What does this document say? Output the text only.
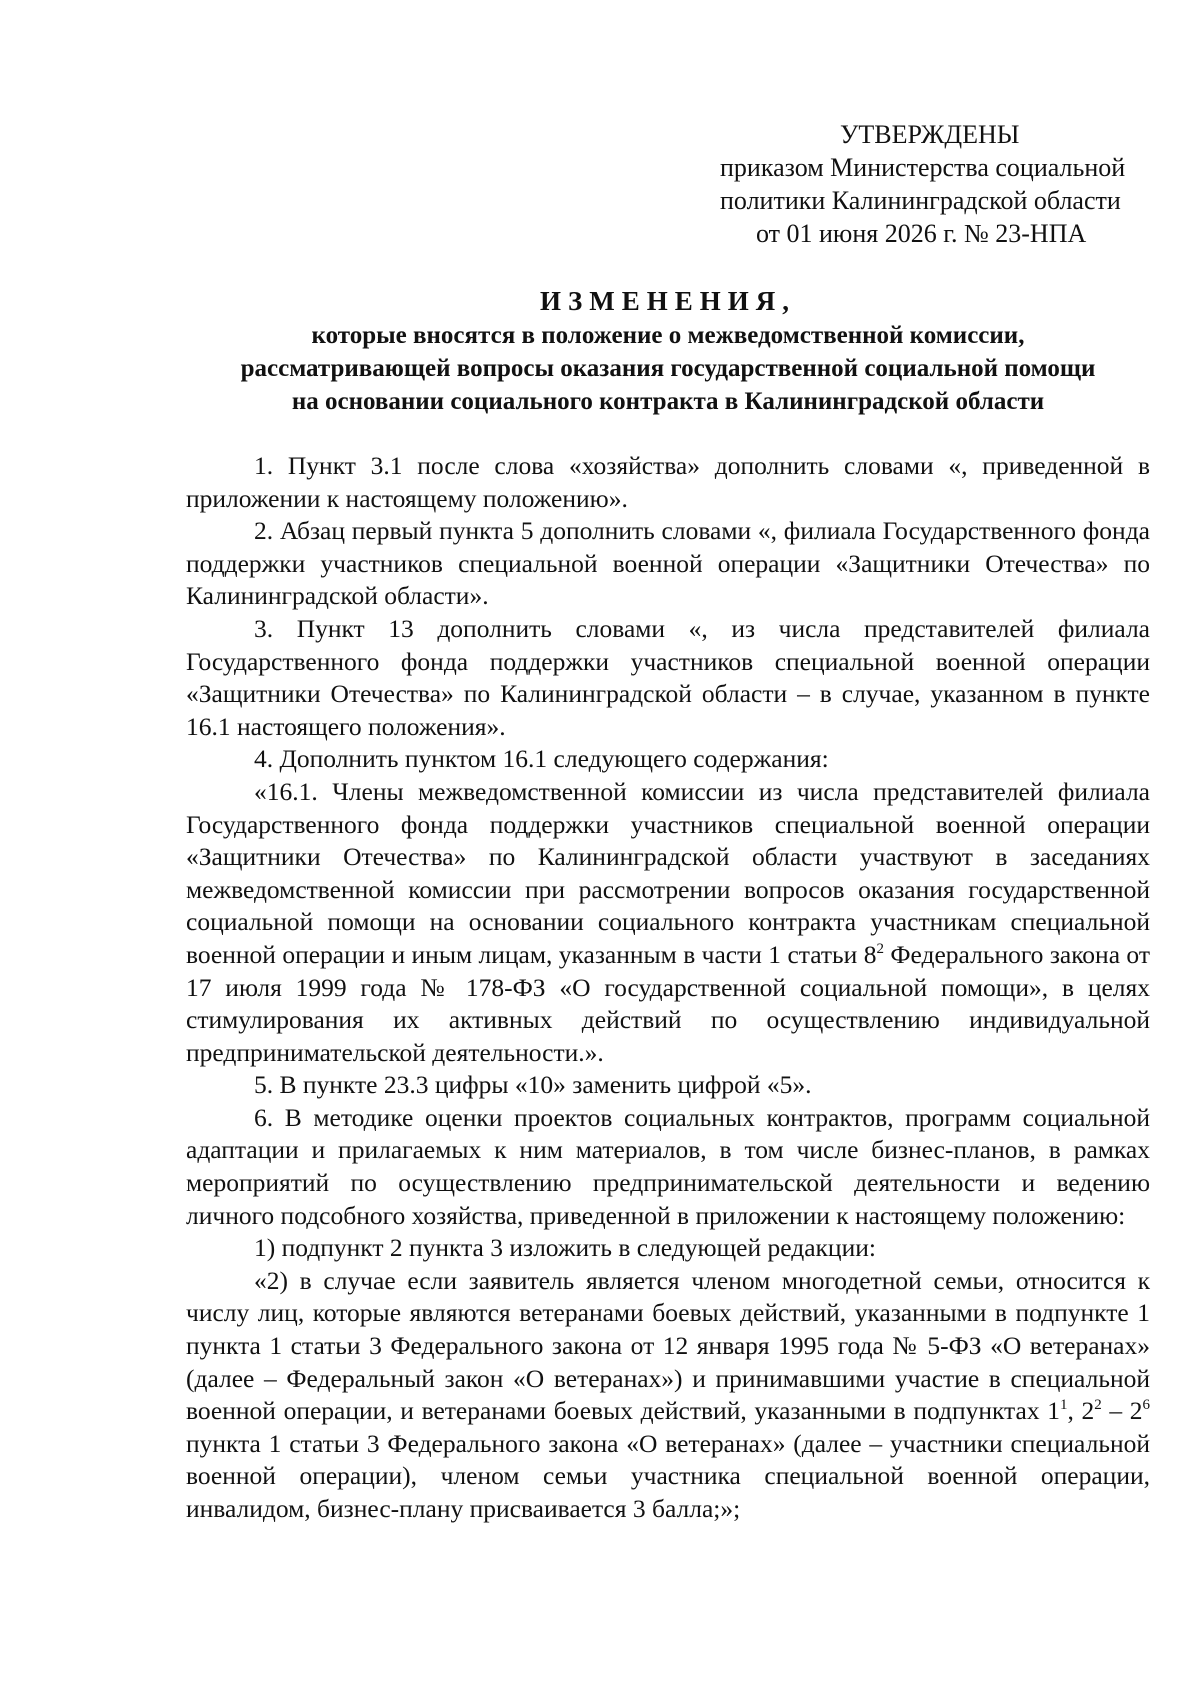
УТВЕРЖДЕНЫ
приказом Министерства социальной
политики Калининградской области
от 01 июня 2026 г. № 23-НПА
ИЗМЕНЕНИЯ,
которые вносятся в положение о межведомственной комиссии,
рассматривающей вопросы оказания государственной социальной помощи
на основании социального контракта в Калининградской области

1. Пункт 3.1 после слова «хозяйства» дополнить словами «, приведенной в приложении к настоящему положению».

2. Абзац первый пункта 5 дополнить словами «, филиала Государственного фонда поддержки участников специальной военной операции «Защитники Отечества» по Калининградской области».

3. Пункт 13 дополнить словами «, из числа представителей филиала Государственного фонда поддержки участников специальной военной операции «Защитники Отечества» по Калининградской области – в случае, указанном в пункте 16.1 настоящего положения».

4. Дополнить пунктом 16.1 следующего содержания:

«16.1. Члены межведомственной комиссии из числа представителей филиала Государственного фонда поддержки участников специальной военной операции «Защитники Отечества» по Калининградской области участвуют в заседаниях межведомственной комиссии при рассмотрении вопросов оказания государственной социальной помощи на основании социального контракта участникам специальной военной операции и иным лицам, указанным в части 1 статьи $8^2$ Федерального закона от 17 июля 1999 года № 178-ФЗ «О государственной социальной помощи», в целях стимулирования их активных действий по осуществлению индивидуальной предпринимательской деятельности.».

5. В пункте 23.3 цифры «10» заменить цифрой «5».

6. В методике оценки проектов социальных контрактов, программ социальной адаптации и прилагаемых к ним материалов, в том числе бизнес-планов, в рамках мероприятий по осуществлению предпринимательской деятельности и ведению личного подсобного хозяйства, приведенной в приложении к настоящему положению:

1) подпункт 2 пункта 3 изложить в следующей редакции:

«2) в случае если заявитель является членом многодетной семьи, относится к числу лиц, которые являются ветеранами боевых действий, указанными в подпункте 1 пункта 1 статьи 3 Федерального закона от 12 января 1995 года № 5-ФЗ «О ветеранах» (далее – Федеральный закон «О ветеранах») и принимавшими участие в специальной военной операции, и ветеранами боевых действий, указанными в подпунктах $1^1$, $2^2 - 2^6$ пункта 1 статьи 3 Федерального закона «О ветеранах» (далее – участники специальной военной операции), членом семьи участника специальной военной операции, инвалидом, бизнес-плану присваивается 3 балла;»;
